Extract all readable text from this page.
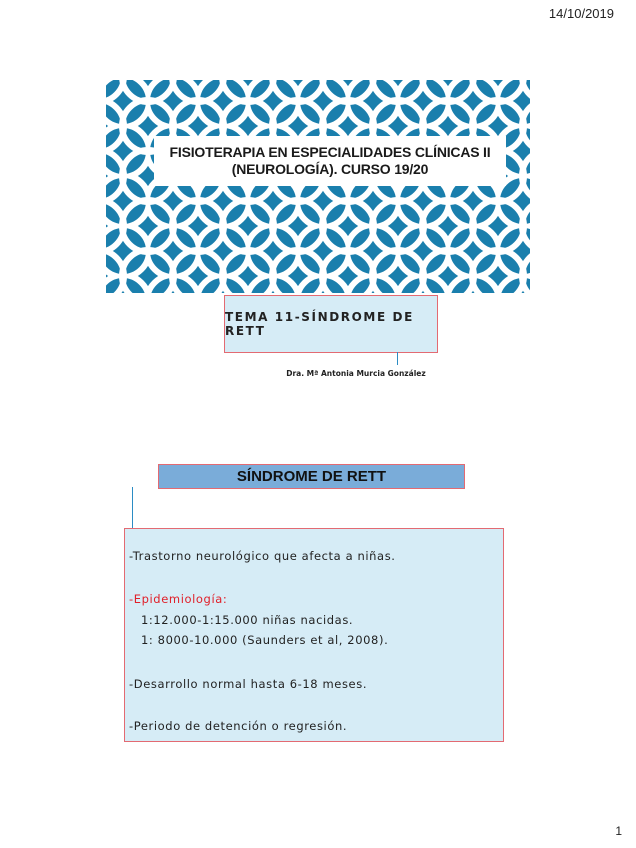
14/10/2019
FISIOTERAPIA EN ESPECIALIDADES CLÍNICAS II
(NEUROLOGÍA). CURSO 19/20
TEMA 11-SÍNDROME DE RETT
Dra. Mª Antonia Murcia González
SÍNDROME DE RETT
-Trastorno neurológico que afecta a niñas.
-Epidemiología:
1:12.000-1:15.000 niñas nacidas.
1: 8000-10.000 (Saunders et al, 2008).
-Desarrollo normal hasta 6-18 meses.
-Periodo de detención o regresión.
1
